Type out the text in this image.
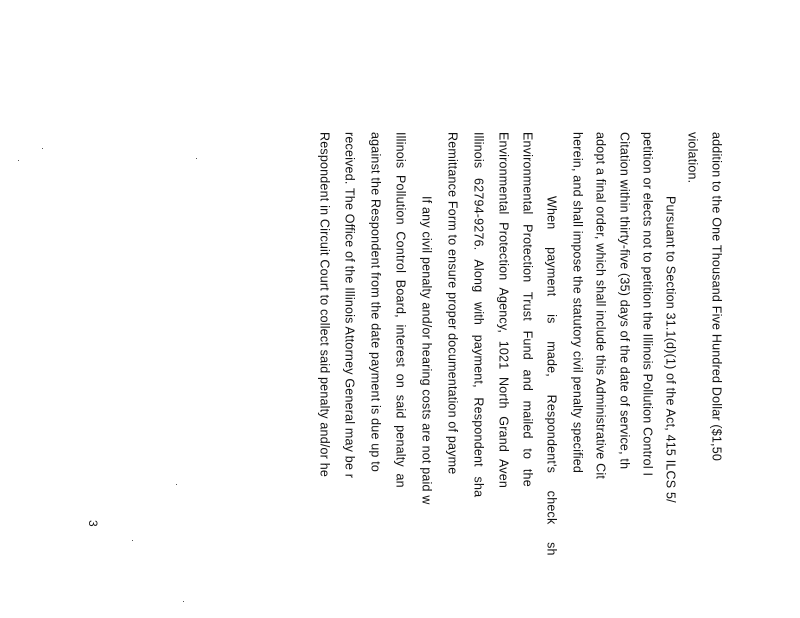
addition to the One Thousand Five Hundred Dollar ($1,50
violation.
Pursuant to Section 31.1(d)(1) of the Act, 415 ILCS 5/
petition or elects not to petition the Illinois Pollution Control I
Citation within thirty-five (35) days of the date of service, th
adopt a final order, which shall include this Administrative Cit
herein, and shall impose the statutory civil penalty specified
When payment is made, Respondent's check sh
Environmental Protection Trust Fund and mailed to the
Environmental Protection Agency, 1021 North Grand Aven
Illinois 62794-9276. Along with payment, Respondent sha
Remittance Form to ensure proper documentation of payme
If any civil penalty and/or hearing costs are not paid w
Illinois Pollution Control Board, interest on said penalty an
against the Respondent from the date payment is due up to
received. The Office of the Illinois Attorney General may be r
Respondent in Circuit Court to collect said penalty and/or he
3
